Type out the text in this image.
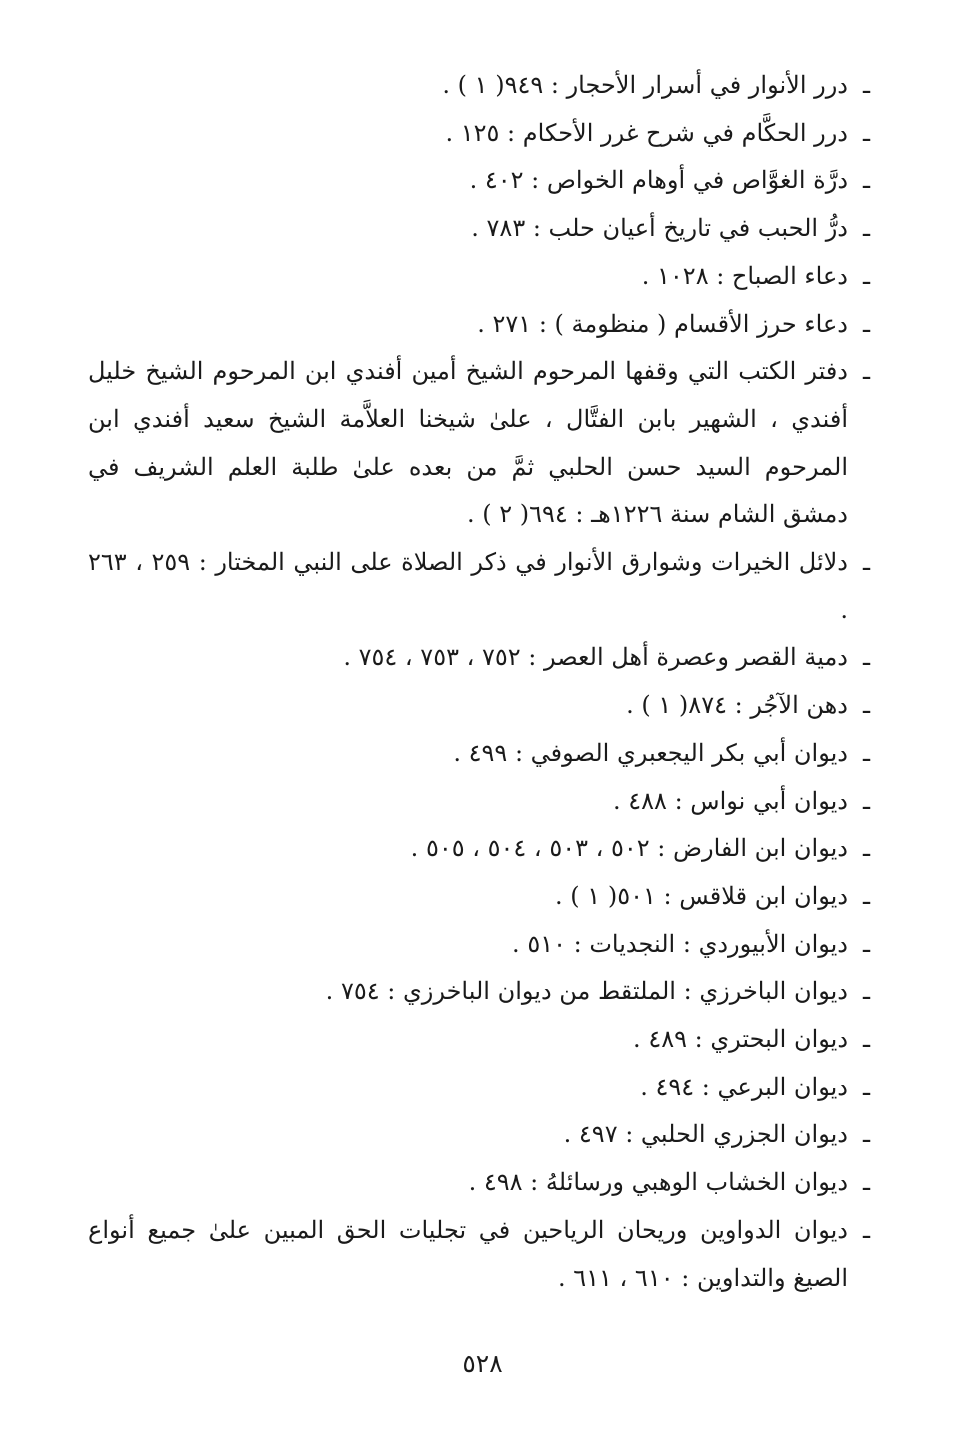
ـ
درر الأنوار في أسرار الأحجار : ٩٤٩( ١ ) .

ـ
درر الحكَّام في شرح غرر الأحكام : ١٢٥ .

ـ
درَّة الغوَّاص في أوهام الخواص : ٤٠٢ .

ـ
درُّ الحبب في تاريخ أعيان حلب : ٧٨٣ .

ـ
دعاء الصباح : ١٠٢٨ .

ـ
دعاء حرز الأقسام ( منظومة ) : ٢٧١ .

ـ
دفتر الكتب التي وقفها المرحوم الشيخ أمين أفندي ابن المرحوم الشيخ خليل أفندي ، الشهير بابن الفتَّال ، علىٰ شيخنا العلاَّمة الشيخ سعيد أفندي ابن المرحوم السيد حسن الحلبي ثمَّ من بعده علىٰ طلبة العلم الشريف في دمشق الشام سنة ١٢٢٦هـ : ٦٩٤( ٢ ) .

ـ
دلائل الخيرات وشوارق الأنوار في ذكر الصلاة على النبي المختار : ٢٥٩ ، ٢٦٣ .

ـ
دمية القصر وعصرة أهل العصر : ٧٥٢ ، ٧٥٣ ، ٧٥٤ .

ـ
دهن الآجُر : ٨٧٤( ١ ) .

ـ
ديوان أبي بكر اليجعبري الصوفي : ٤٩٩ .

ـ
ديوان أبي نواس : ٤٨٨ .

ـ
ديوان ابن الفارض : ٥٠٢ ، ٥٠٣ ، ٥٠٤ ، ٥٠٥ .

ـ
ديوان ابن قلاقس : ٥٠١( ١ ) .

ـ
ديوان الأبيوردي : النجديات : ٥١٠ .

ـ
ديوان الباخرزي : الملتقط من ديوان الباخرزي : ٧٥٤ .

ـ
ديوان البحتري : ٤٨٩ .

ـ
ديوان البرعي : ٤٩٤ .

ـ
ديوان الجزري الحلبي : ٤٩٧ .

ـ
ديوان الخشاب الوهبي ورسائلهُ : ٤٩٨ .

ـ
ديوان الدواوين وريحان الرياحين في تجليات الحق المبين علىٰ جميع أنواع الصيغ والتداوين : ٦١٠ ، ٦١١ .

٥٢٨
